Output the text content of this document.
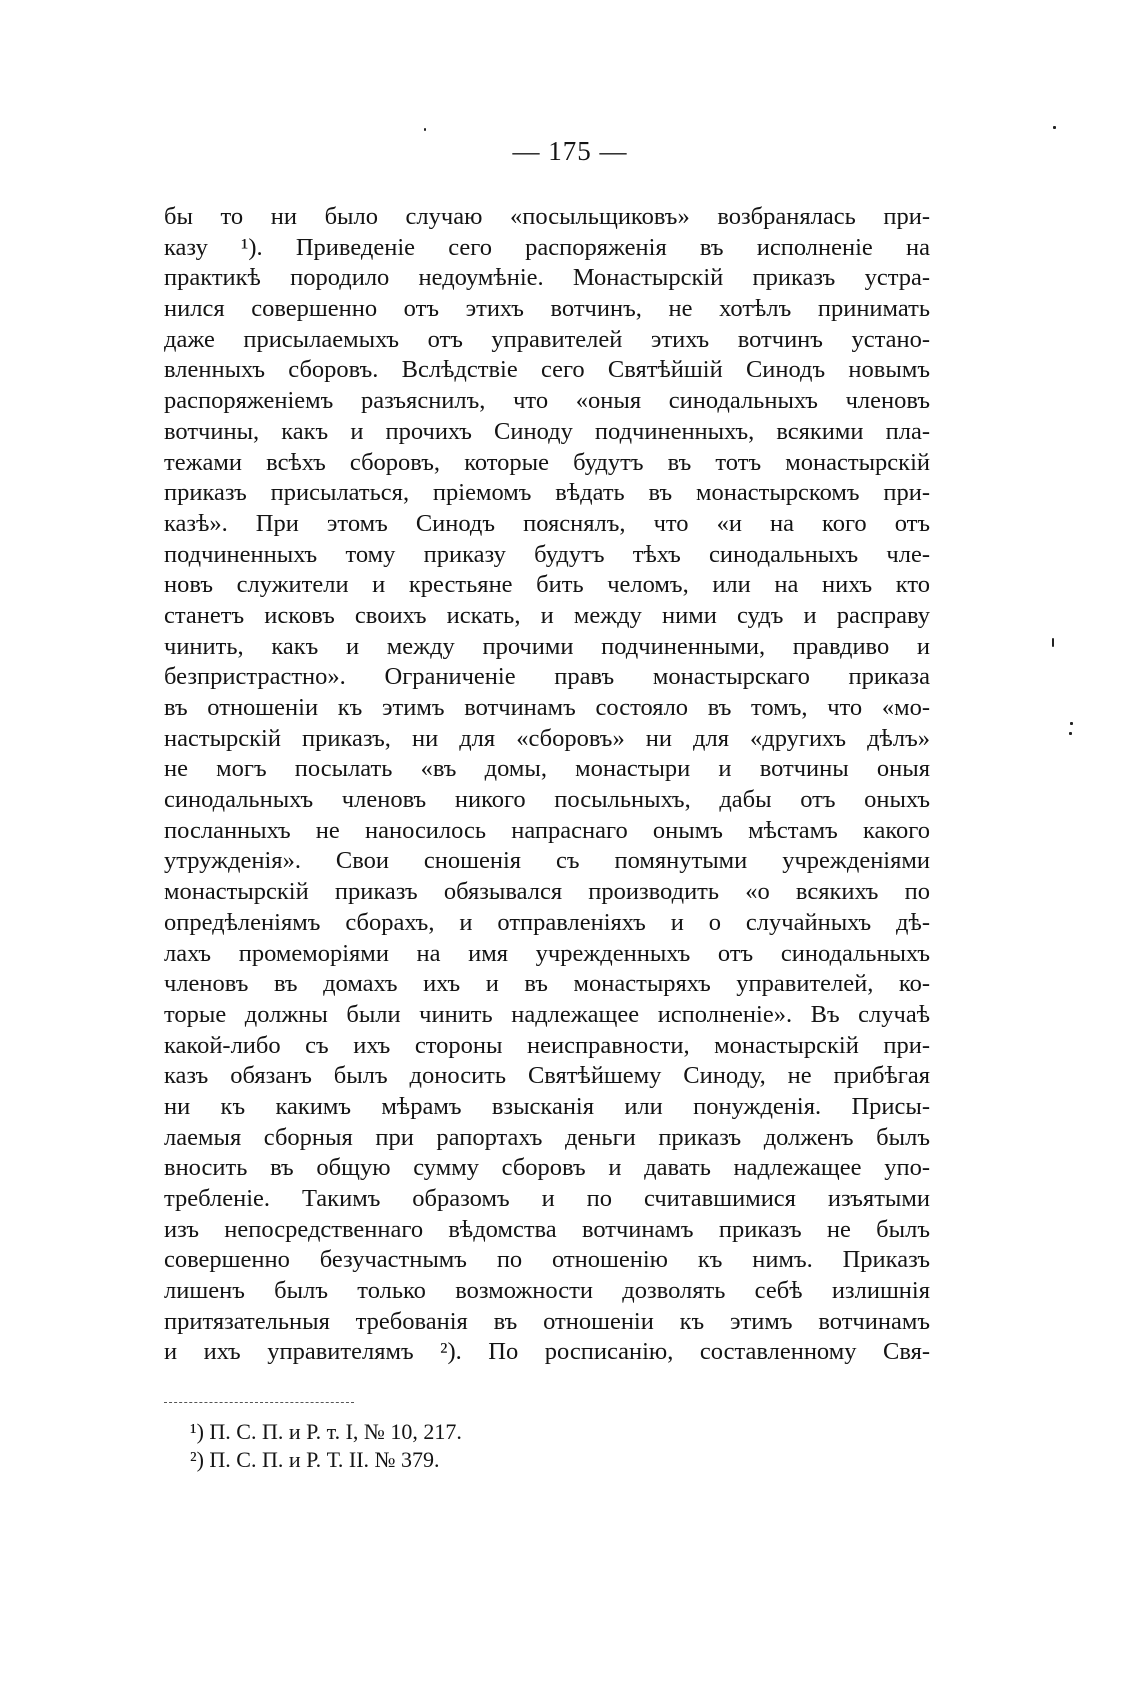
— 175 —
бы то ни было случаю «посыльщиковъ» возбранялась при-
казу ¹). Приведенiе сего распоряженiя въ исполненiе на
практикѣ породило недоумѣнiе. Монастырскiй приказъ устра-
нился совершенно отъ этихъ вотчинъ, не хотѣлъ принимать
даже присылаемыхъ отъ управителей этихъ вотчинъ устано-
вленныхъ сборовъ. Вслѣдствiе сего Святѣйшiй Синодъ новымъ
распоряженiемъ разъяснилъ, что «оныя синодальныхъ членовъ
вотчины, какъ и прочихъ Синоду подчиненныхъ, всякими пла-
тежами всѣхъ сборовъ, которые будутъ въ тотъ монастырскiй
приказъ присылаться, прiемомъ вѣдать въ монастырскомъ при-
казѣ». При этомъ Синодъ пояснялъ, что «и на кого отъ
подчиненныхъ тому приказу будутъ тѣхъ синодальныхъ чле-
новъ служители и крестьяне бить челомъ, или на нихъ кто
станетъ исковъ своихъ искать, и между ними судъ и расправу
чинить, какъ и между прочими подчиненными, правдиво и
безпристрастно». Ограниченiе правъ монастырскаго приказа
въ отношенiи къ этимъ вотчинамъ состояло въ томъ, что «мо-
настырскiй приказъ, ни для «сборовъ» ни для «другихъ дѣлъ»
не могъ посылать «въ домы, монастыри и вотчины оныя
синодальныхъ членовъ никого посыльныхъ, дабы отъ оныхъ
посланныхъ не наносилось напраснаго онымъ мѣстамъ какого
утружденiя». Свои сношенiя съ помянутыми учрежденiями
монастырскiй приказъ обязывался производить «о всякихъ по
опредѣленiямъ сборахъ, и отправленiяхъ и о случайныхъ дѣ-
лахъ промеморiями на имя учрежденныхъ отъ синодальныхъ
членовъ въ домахъ ихъ и въ монастыряхъ управителей, ко-
торые должны были чинить надлежащее исполненiе». Въ случаѣ
какой-либо съ ихъ стороны неисправности, монастырскiй при-
казъ обязанъ былъ доносить Святѣйшему Синоду, не прибѣгая
ни къ какимъ мѣрамъ взысканiя или понужденiя. Присы-
лаемыя сборныя при рапортахъ деньги приказъ долженъ былъ
вносить въ общую сумму сборовъ и давать надлежащее упо-
требленiе. Такимъ образомъ и по считавшимися изъятыми
изъ непосредственнаго вѣдомства вотчинамъ приказъ не былъ
совершенно безучастнымъ по отношенiю къ нимъ. Приказъ
лишенъ былъ только возможности дозволять себѣ излишнiя
притязательныя требованiя въ отношенiи къ этимъ вотчинамъ
и ихъ управителямъ ²). По росписанiю, составленному Свя-
¹) П. С. П. и Р. т. I, № 10, 217.
²) П. С. П. и Р. Т. II. № 379.
